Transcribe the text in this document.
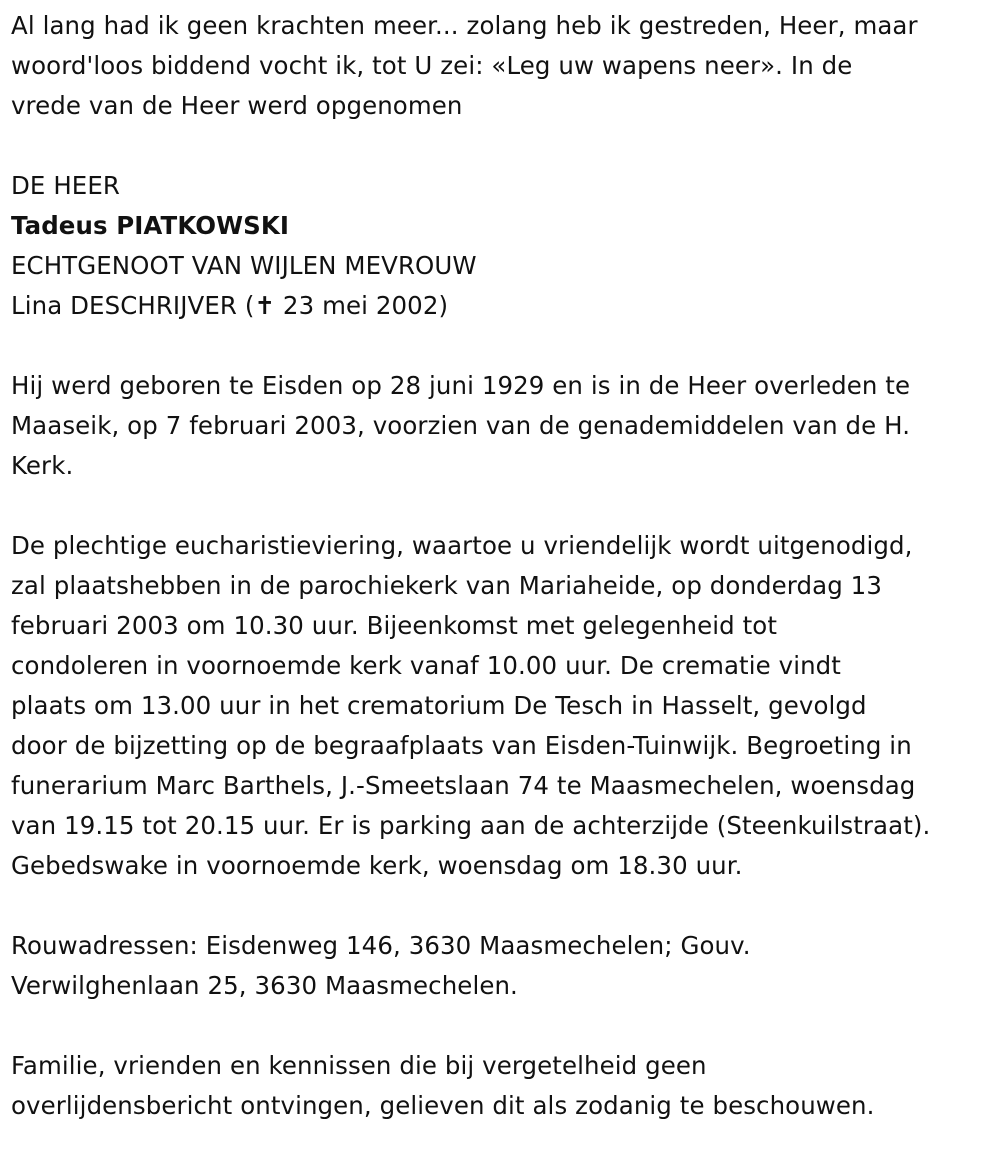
Al lang had ik geen krachten meer... zolang heb ik gestreden, Heer, maar

woord'loos biddend vocht ik, tot U zei: «Leg uw wapens neer». In de

vrede van de Heer werd opgenomen

DE HEER

Tadeus PIATKOWSKI

ECHTGENOOT VAN WIJLEN MEVROUW

Lina DESCHRIJVER (✝ 23 mei 2002)

Hij werd geboren te Eisden op 28 juni 1929 en is in de Heer overleden te

Maaseik, op 7 februari 2003, voorzien van de genademiddelen van de H.

Kerk.

De plechtige eucharistieviering, waartoe u vriendelijk wordt uitgenodigd,

zal plaatshebben in de parochiekerk van Mariaheide, op donderdag 13

februari 2003 om 10.30 uur. Bijeenkomst met gelegenheid tot

condoleren in voornoemde kerk vanaf 10.00 uur. De crematie vindt

plaats om 13.00 uur in het crematorium De Tesch in Hasselt, gevolgd

door de bijzetting op de begraafplaats van Eisden-Tuinwijk. Begroeting in

funerarium Marc Barthels, J.-Smeetslaan 74 te Maasmechelen, woensdag

van 19.15 tot 20.15 uur. Er is parking aan de achterzijde (Steenkuilstraat).

Gebedswake in voornoemde kerk, woensdag om 18.30 uur.

Rouwadressen: Eisdenweg 146, 3630 Maasmechelen; Gouv.

Verwilghenlaan 25, 3630 Maasmechelen.

Familie, vrienden en kennissen die bij vergetelheid geen

overlijdensbericht ontvingen, gelieven dit als zodanig te beschouwen.
